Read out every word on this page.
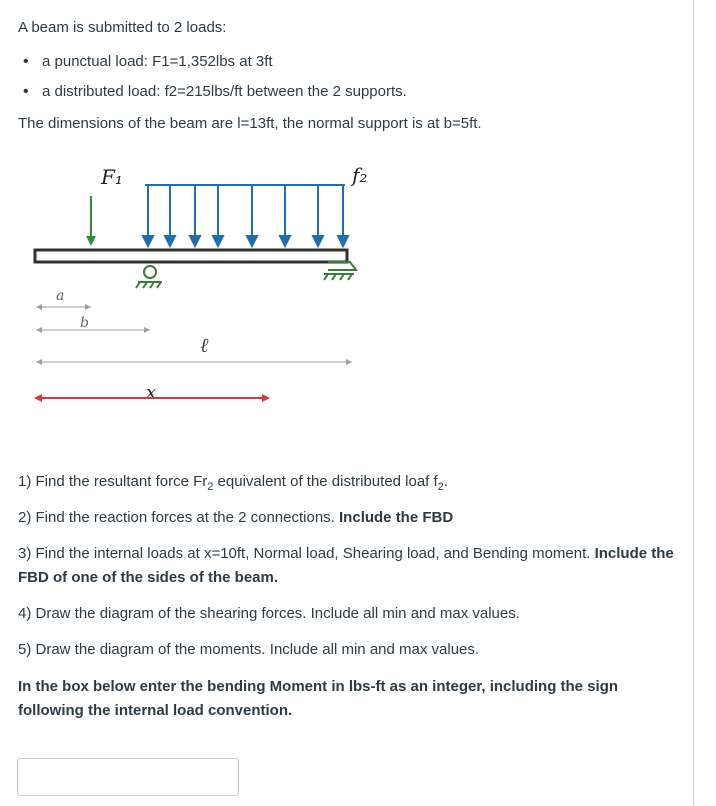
A beam is submitted to 2 loads:
• a punctual load: F1=1,352lbs at 3ft
• a distributed load: f2=215lbs/ft between the 2 supports.
The dimensions of the beam are l=13ft, the normal support is at b=5ft.
F₁	f₂
a
b
ℓ
x
1) Find the resultant force $Fr_2$ equivalent of the distributed loaf $f_2$.
2) Find the reaction forces at the 2 connections. Include the FBD
3) Find the internal loads at x=10ft, Normal load, Shearing load, and Bending moment. Include the FBD of one of the sides of the beam.
4) Draw the diagram of the shearing forces. Include all min and max values.
5) Draw the diagram of the moments. Include all min and max values.
In the box below enter the bending Moment in lbs-ft as an integer, including the sign following the internal load convention.
